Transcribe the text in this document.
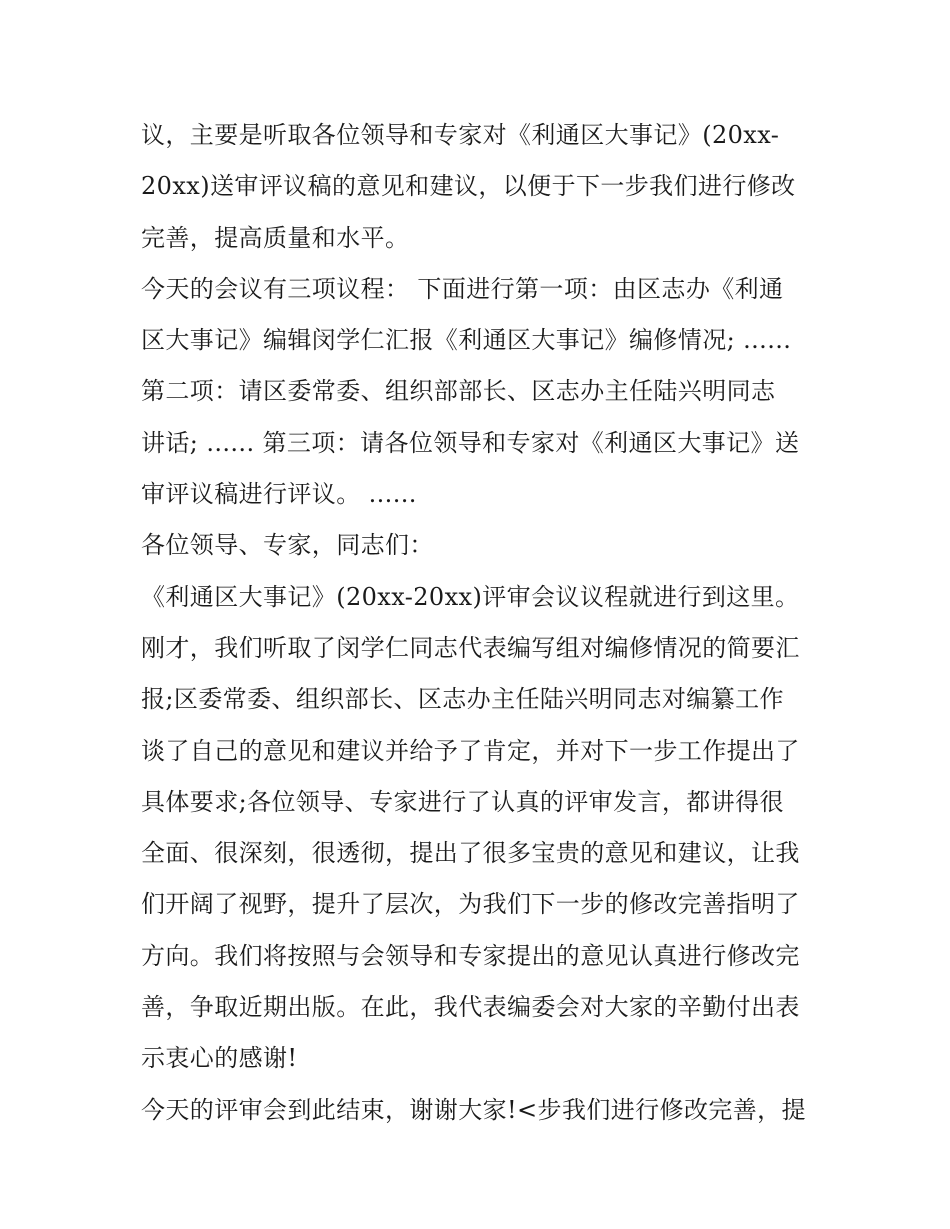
议，主要是听取各位领导和专家对《利通区大事记》(20xx-
20xx)送审评议稿的意见和建议，以便于下一步我们进行修改
完善，提高质量和水平。
今天的会议有三项议程： 下面进行第一项：由区志办《利通
区大事记》编辑闵学仁汇报《利通区大事记》编修情况; ......
第二项：请区委常委、组织部部长、区志办主任陆兴明同志
讲话; ...... 第三项：请各位领导和专家对《利通区大事记》送
审评议稿进行评议。 ......
各位领导、专家，同志们：
《利通区大事记》(20xx-20xx)评审会议议程就进行到这里。
刚才，我们听取了闵学仁同志代表编写组对编修情况的简要汇
报;区委常委、组织部长、区志办主任陆兴明同志对编纂工作
谈了自己的意见和建议并给予了肯定，并对下一步工作提出了
具体要求;各位领导、专家进行了认真的评审发言，都讲得很
全面、很深刻，很透彻，提出了很多宝贵的意见和建议，让我
们开阔了视野，提升了层次，为我们下一步的修改完善指明了
方向。我们将按照与会领导和专家提出的意见认真进行修改完
善，争取近期出版。在此，我代表编委会对大家的辛勤付出表
示衷心的感谢!
今天的评审会到此结束，谢谢大家!<步我们进行修改完善，提
